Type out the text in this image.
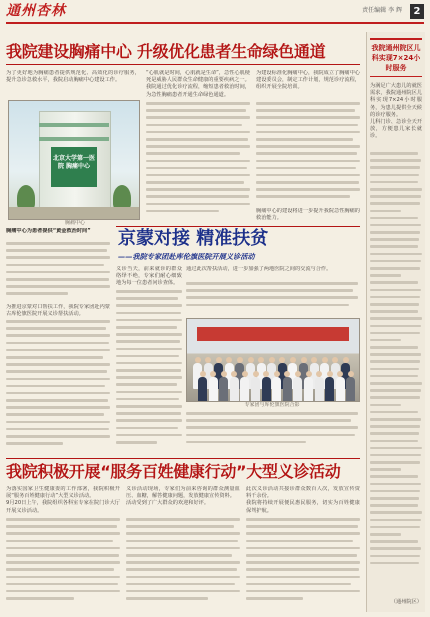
通州杏林	责任编辑 李 辉	2
我院建设胸痛中心 升级优化患者生命绿色通道

为了更好地为胸痛患者提供规范化、高效化的诊疗服务，提升急诊急救水平，我院启动胸痛中心建设工作。

北京大学第一医院 胸痛中心
胸痛中心

“心肌就是时间，心肌就是生命”，急性心肌梗死是威胁人民群众生命健康的重要疾病之一。

我院通过优化诊疗流程，缩短患者救治时间，为急性胸痛患者开通生命绿色通道。

为建设标准化胸痛中心，我院成立了胸痛中心建设委员会，制定工作计划，规范诊疗流程，组织开展全院培训。

胸痛中心的建设将进一步提升我院急性胸痛的救治能力。

胸痛中心为患者提供“黄金救治时间”	京蒙对接 精准扶贫
——我院专家团赴库伦旗医院开展义诊活动

为推进京蒙对口帮扶工作，我院专家团赴内蒙古库伦旗医院开展义诊帮扶活动。

义诊当天，前来就诊的群众络绎不绝，专家们耐心细致地为每一位患者问诊查体。

通过此次帮扶活动，进一步加强了两地医院之间的交流与合作。

专家团与库伦旗医院合影
我院积极开展“服务百姓健康行动”大型义诊活动

为落实国家卫生健康委的工作部署，我院积极开展“服务百姓健康行动”大型义诊活动。

9月20日上午，我院组织各科室专家在院门诊大厅开展义诊活动。

义诊活动现场，专家们为前来咨询的群众测量血压、血糖，解答健康问题，发放健康宣传资料。

活动受到了广大群众的欢迎和好评。

此次义诊活动共接诊群众数百人次，发放宣传资料千余份。

我院将持续开展便民惠民服务，切实为百姓健康保驾护航。

我院通州院区儿科实现7×24小时服务

为满足广大患儿的就医需求，我院通州院区儿科实现7×24小时服务，为患儿提供全天候的诊疗服务。

儿科门诊、急诊全天开放，方便患儿家长就诊。

（通州院区）
